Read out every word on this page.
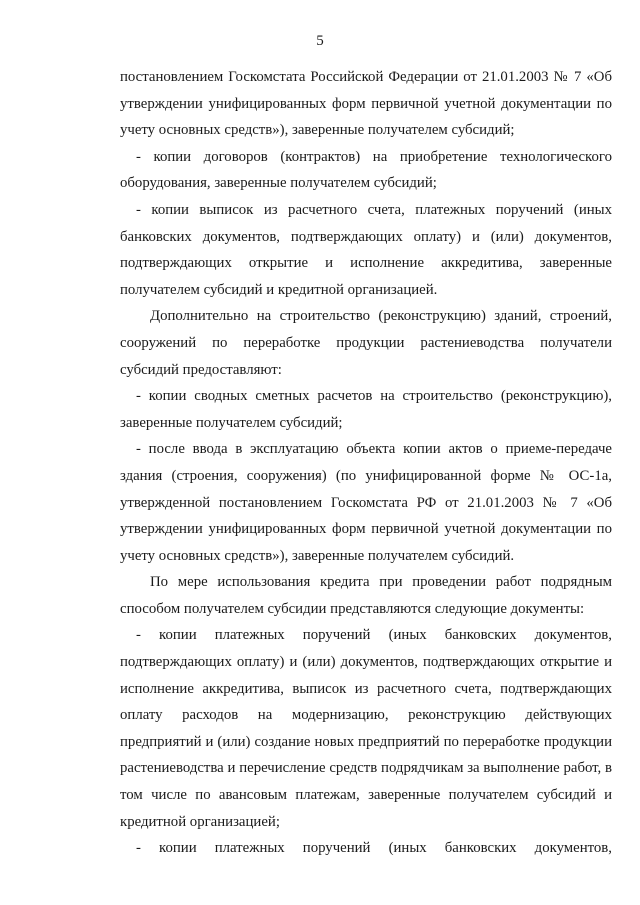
5

постановлением Госкомстата Российской Федерации от 21.01.2003 № 7 «Об утверждении унифицированных форм первичной учетной документации по учету основных средств»), заверенные получателем субсидий;

- копии договоров (контрактов) на приобретение технологического оборудования, заверенные получателем субсидий;

- копии выписок из расчетного счета, платежных поручений (иных банковских документов, подтверждающих оплату) и (или) документов, подтверждающих открытие и исполнение аккредитива, заверенные получателем субсидий и кредитной организацией.

Дополнительно на строительство (реконструкцию) зданий, строений, сооружений по переработке продукции растениеводства получатели субсидий предоставляют:

- копии сводных сметных расчетов на строительство (реконструкцию), заверенные получателем субсидий;

- после ввода в эксплуатацию объекта копии актов о приеме-передаче здания (строения, сооружения) (по унифицированной форме № ОС-1а, утвержденной постановлением Госкомстата РФ от 21.01.2003 № 7 «Об утверждении унифицированных форм первичной учетной документации по учету основных средств»), заверенные получателем субсидий.

По мере использования кредита при проведении работ подрядным способом получателем субсидии представляются следующие документы:

- копии платежных поручений (иных банковских документов, подтверждающих оплату) и (или) документов, подтверждающих открытие и исполнение аккредитива, выписок из расчетного счета, подтверждающих оплату расходов на модернизацию, реконструкцию действующих предприятий и (или) создание новых предприятий по переработке продукции растениеводства и перечисление средств подрядчикам за выполнение работ, в том числе по авансовым платежам, заверенные получателем субсидий и кредитной организацией;

- копии платежных поручений (иных банковских документов,
